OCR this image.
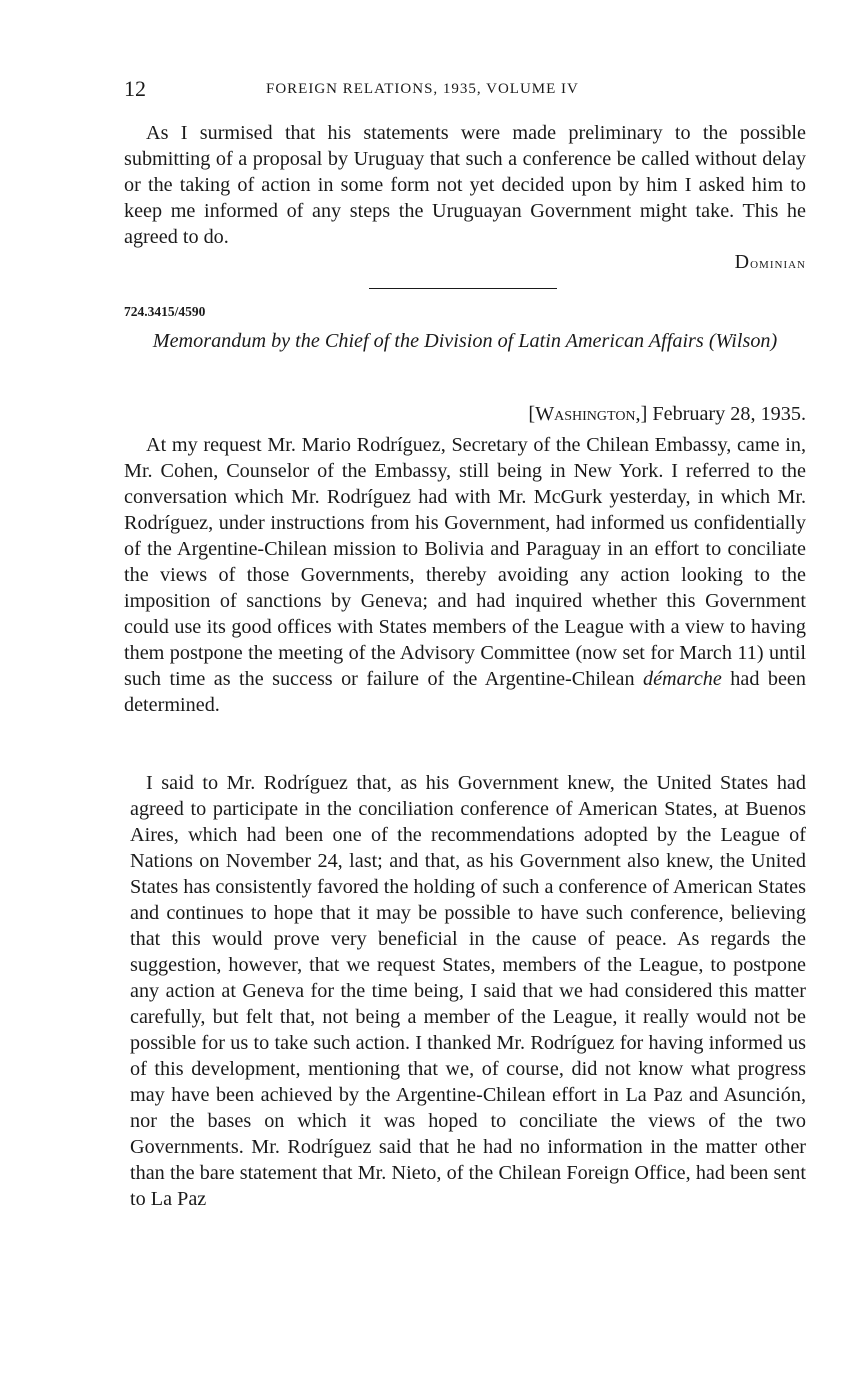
12	FOREIGN RELATIONS, 1935, VOLUME IV

As I surmised that his statements were made preliminary to the possible submitting of a proposal by Uruguay that such a conference be called without delay or the taking of action in some form not yet decided upon by him I asked him to keep me informed of any steps the Uruguayan Government might take. This he agreed to do.

Dominian
724.3415/4590

Memorandum by the Chief of the Division of Latin American Affairs (Wilson)

[Washington,] February 28, 1935.

At my request Mr. Mario Rodríguez, Secretary of the Chilean Embassy, came in, Mr. Cohen, Counselor of the Embassy, still being in New York. I referred to the conversation which Mr. Rodríguez had with Mr. McGurk yesterday, in which Mr. Rodríguez, under instructions from his Government, had informed us confidentially of the Argentine-Chilean mission to Bolivia and Paraguay in an effort to conciliate the views of those Governments, thereby avoiding any action looking to the imposition of sanctions by Geneva; and had inquired whether this Government could use its good offices with States members of the League with a view to having them postpone the meeting of the Advisory Committee (now set for March 11) until such time as the success or failure of the Argentine-Chilean démarche had been determined.

I said to Mr. Rodríguez that, as his Government knew, the United States had agreed to participate in the conciliation conference of American States, at Buenos Aires, which had been one of the recommendations adopted by the League of Nations on November 24, last; and that, as his Government also knew, the United States has consistently favored the holding of such a conference of American States and continues to hope that it may be possible to have such conference, believing that this would prove very beneficial in the cause of peace. As regards the suggestion, however, that we request States, members of the League, to postpone any action at Geneva for the time being, I said that we had considered this matter carefully, but felt that, not being a member of the League, it really would not be possible for us to take such action. I thanked Mr. Rodríguez for having informed us of this development, mentioning that we, of course, did not know what progress may have been achieved by the Argentine-Chilean effort in La Paz and Asunción, nor the bases on which it was hoped to conciliate the views of the two Governments. Mr. Rodríguez said that he had no information in the matter other than the bare statement that Mr. Nieto, of the Chilean Foreign Office, had been sent to La Paz
